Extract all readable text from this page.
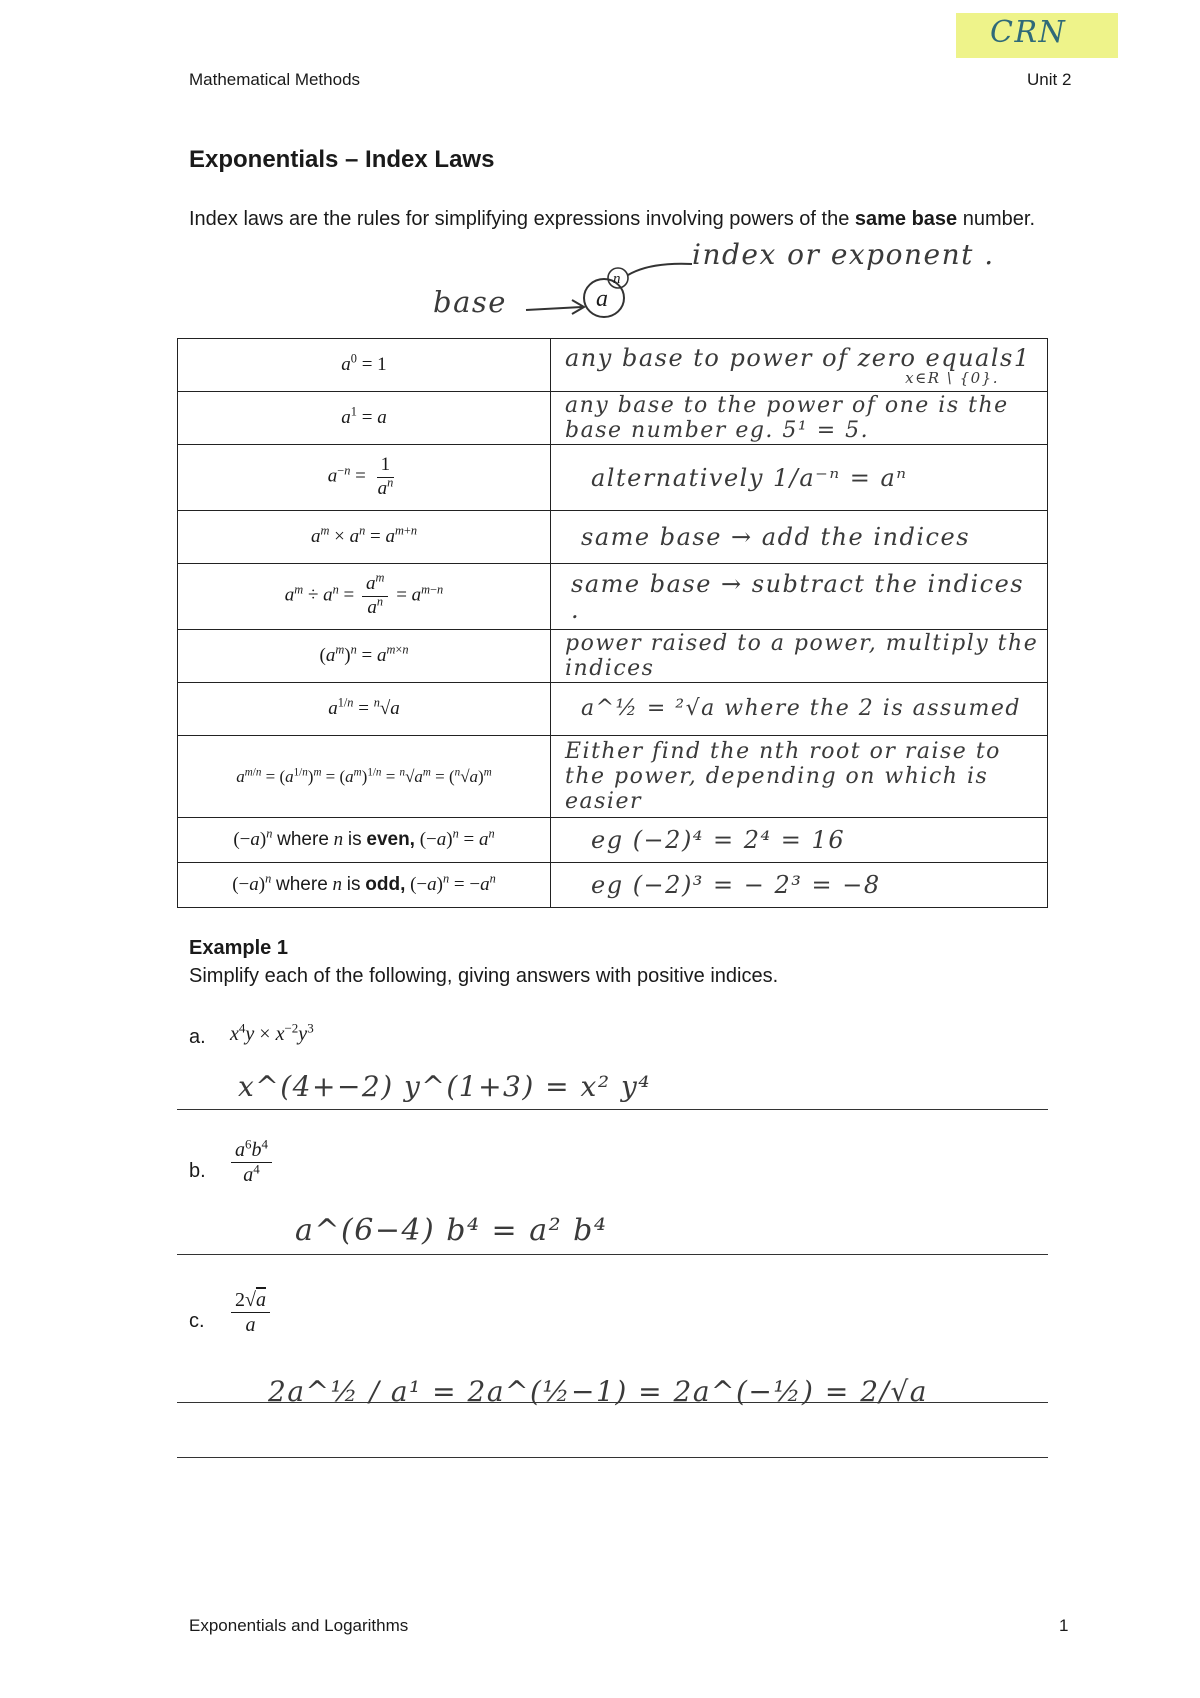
CRN
Mathematical Methods	Unit 2
Exponentials – Index Laws
Index laws are the rules for simplifying expressions involving powers of the same base number.
base	a
n
index or exponent .
$a^0 = 1$	any base to power of zero equals1
x∈R \ {0}.

$a^1 = a$	any base to the power of one is the base number eg. 5¹ = 5.
$a^{-n} = \frac{1}{a^n}$	alternatively 1/a⁻ⁿ = aⁿ
$a^m \times a^n = a^{m+n}$	same base → add the indices
$a^m \div a^n = \frac{a^m}{a^n} = a^{m-n}$	same base → subtract the indices .
$(a^m)^n = a^{m\times n}$	power raised to a power, multiply the indices
$a^{1/n} = ^n√a$	a^½ = ²√a where the 2 is assumed
$a^{m/n} = (a^{1/n})^m = (a^m)^{1/n} = ^n√a^m = (^n√a)^m$	Either find the nth root or raise to the power, depending on which is easier
$(-a)^n$ where n is even, $(-a)^n = a^n$	eg (−2)⁴ = 2⁴ = 16
$(-a)^n$ where n is odd, $(-a)^n = -a^n$	eg (−2)³ = − 2³ = −8
Example 1
Simplify each of the following, giving answers with positive indices.
a. $x^4y \times x^{-2}y^3$
x^(4+−2) y^(1+3) = x² y⁴
b. $\frac{a^6b^4}{a^4}$
a^(6−4) b⁴ = a² b⁴
c. $\frac{2√a}{a}$
2a^½ / a¹ = 2a^(½−1) = 2a^(−½) = 2/√a
Exponentials and Logarithms	1
